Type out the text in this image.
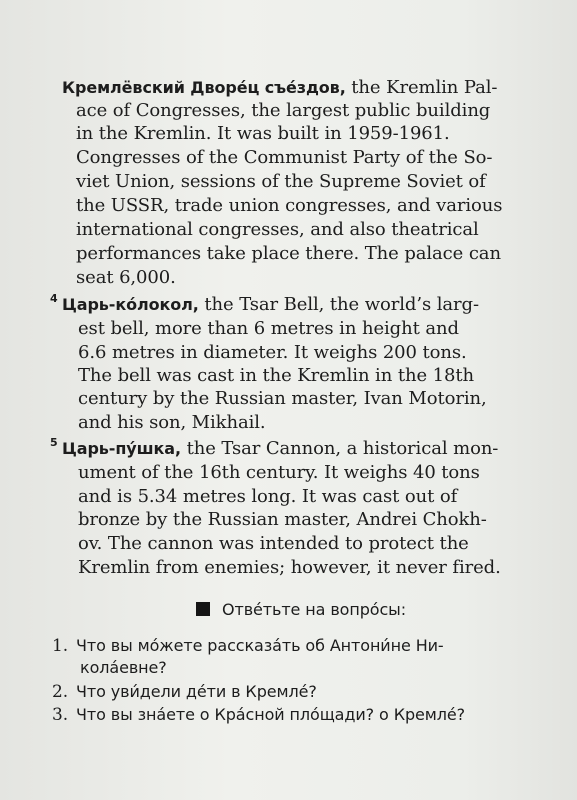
Кремлёвский Дворе́ц съе́здов, the Kremlin Pal-
ace of Congresses, the largest public building
in the Kremlin. It was built in 1959-1961.
Congresses of the Communist Party of the So-
viet Union, sessions of the Supreme Soviet of
the USSR, trade union congresses, and various
international congresses, and also theatrical
performances take place there. The palace can
seat 6,000.
4 Царь-ко́локол, the Tsar Bell, the world’s larg-
est bell, more than 6 metres in height and
6.6 metres in diameter. It weighs 200 tons.
The bell was cast in the Kremlin in the 18th
century by the Russian master, Ivan Motorin,
and his son, Mikhail.
5 Царь-пу́шка, the Tsar Cannon, a historical mon-
ument of the 16th century. It weighs 40 tons
and is 5.34 metres long. It was cast out of
bronze by the Russian master, Andrei Chokh-
ov. The cannon was intended to protect the
Kremlin from enemies; however, it never fired.
Отве́тьте на вопро́сы:
1. Что вы мо́жете рассказа́ть об Антони́не Ни-
кола́евне?
2. Что уви́дели де́ти в Кремле́?
3. Что вы зна́ете о Кра́сной пло́щади? о Кремле́?
